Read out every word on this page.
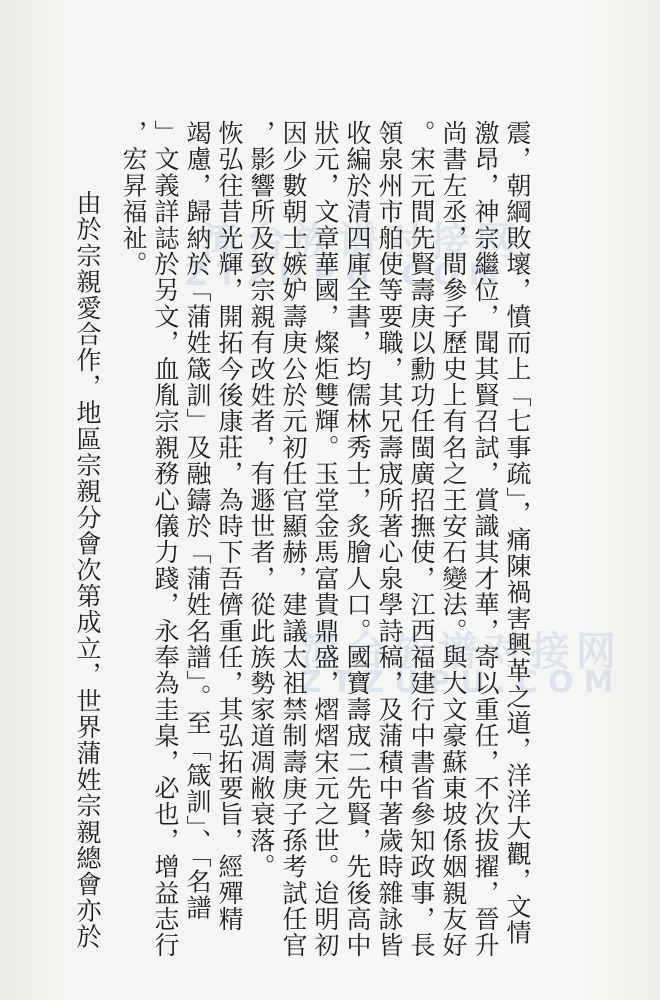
漳台族谱对接网
ZTZUPU.COM
漳台族谱对接网
ZTZUPU.COM
震，朝綱敗壞，憤而上「七事疏」，痛陳禍害興革之道，洋洋大觀，文情
激昂，神宗繼位，聞其賢召試，賞識其才華，寄以重任，不次拔擢，晉升
尚書左丞，間參子歷史上有名之王安石變法。與大文豪蘇東坡係姻親友好
。宋元間先賢壽庚以勳功任閩廣招撫使，江西福建行中書省參知政事，長
領泉州市舶使等要職，其兄壽宬所著心泉學詩稿，及蒲積中著歲時雜詠皆
收編於清四庫全書，均儒林秀士，炙膾人口。國寶壽宬二先賢，先後高中
狀元，文章華國，燦炬雙輝。玉堂金馬富貴鼎盛，熠熠宋元之世。迨明初
因少數朝士嫉妒壽庚公於元初任官顯赫，建議太祖禁制壽庚子孫考試任官
，影響所及致宗親有改姓者，有遯世者，從此族勢家道凋敝衰落。
恢弘往昔光輝，開拓今後康莊，為時下吾儕重任，其弘拓要旨，經殫精
竭慮，歸納於「蒲姓箴訓」及融鑄於「蒲姓名譜」。至「箴訓」、「名譜
」文義詳誌於另文，血胤宗親務心儀力踐，永奉為圭臬，必也，增益志行
，宏昇福祉。
由於宗親愛合作，地區宗親分會次第成立，世界蒲姓宗親總會亦於
